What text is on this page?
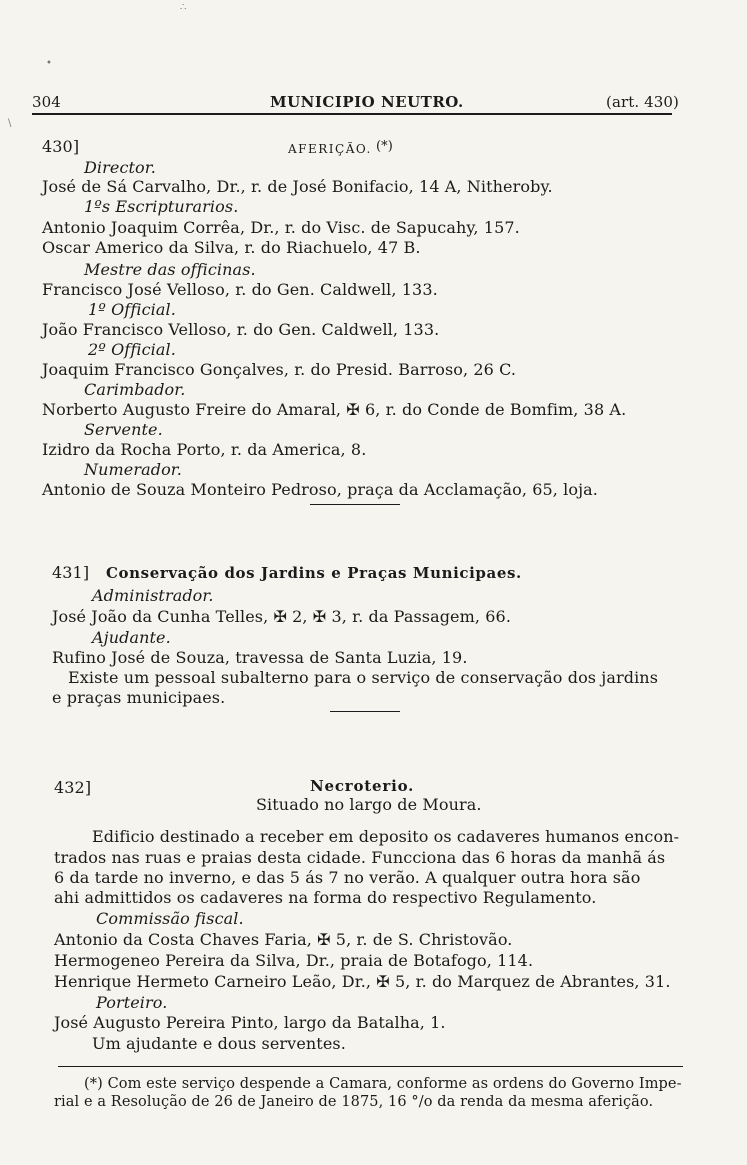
∴
•
\
304	MUNICIPIO NEUTRO.	(art. 430)
430]	AFERIÇÃO. (*)
Director.
José de Sá Carvalho, Dr., r. de José Bonifacio, 14 A, Nitheroby.
1ºs Escripturarios.
Antonio Joaquim Corrêa, Dr., r. do Visc. de Sapucahy, 157.
Oscar Americo da Silva, r. do Riachuelo, 47 B.
Mestre das officinas.
Francisco José Velloso, r. do Gen. Caldwell, 133.
1º Official.
João Francisco Velloso, r. do Gen. Caldwell, 133.
2º Official.
Joaquim Francisco Gonçalves, r. do Presid. Barroso, 26 C.
Carimbador.
Norberto Augusto Freire do Amaral, ✠ 6, r. do Conde de Bomfim, 38 A.
Servente.
Izidro da Rocha Porto, r. da America, 8.
Numerador.
Antonio de Souza Monteiro Pedroso, praça da Acclamação, 65, loja.
431] Conservação dos Jardins e Praças Municipaes.
Administrador.
José João da Cunha Telles, ✠ 2, ✠ 3, r. da Passagem, 66.
Ajudante.
Rufino José de Souza, travessa de Santa Luzia, 19.
Existe um pessoal subalterno para o serviço de conservação dos jardins
e praças municipaes.
432]	Necroterio.
Situado no largo de Moura.
Edificio destinado a receber em deposito os cadaveres humanos encon-
trados nas ruas e praias desta cidade. Funcciona das 6 horas da manhã ás
6 da tarde no inverno, e das 5 ás 7 no verão. A qualquer outra hora são
ahi admittidos os cadaveres na forma do respectivo Regulamento.
Commissão fiscal.
Antonio da Costa Chaves Faria, ✠ 5, r. de S. Christovão.
Hermogeneo Pereira da Silva, Dr., praia de Botafogo, 114.
Henrique Hermeto Carneiro Leão, Dr., ✠ 5, r. do Marquez de Abrantes, 31.
Porteiro.
José Augusto Pereira Pinto, largo da Batalha, 1.
Um ajudante e dous serventes.
(*) Com este serviço despende a Camara, conforme as ordens do Governo Impe-
rial e a Resolução de 26 de Janeiro de 1875, 16 °/o da renda da mesma aferição.
